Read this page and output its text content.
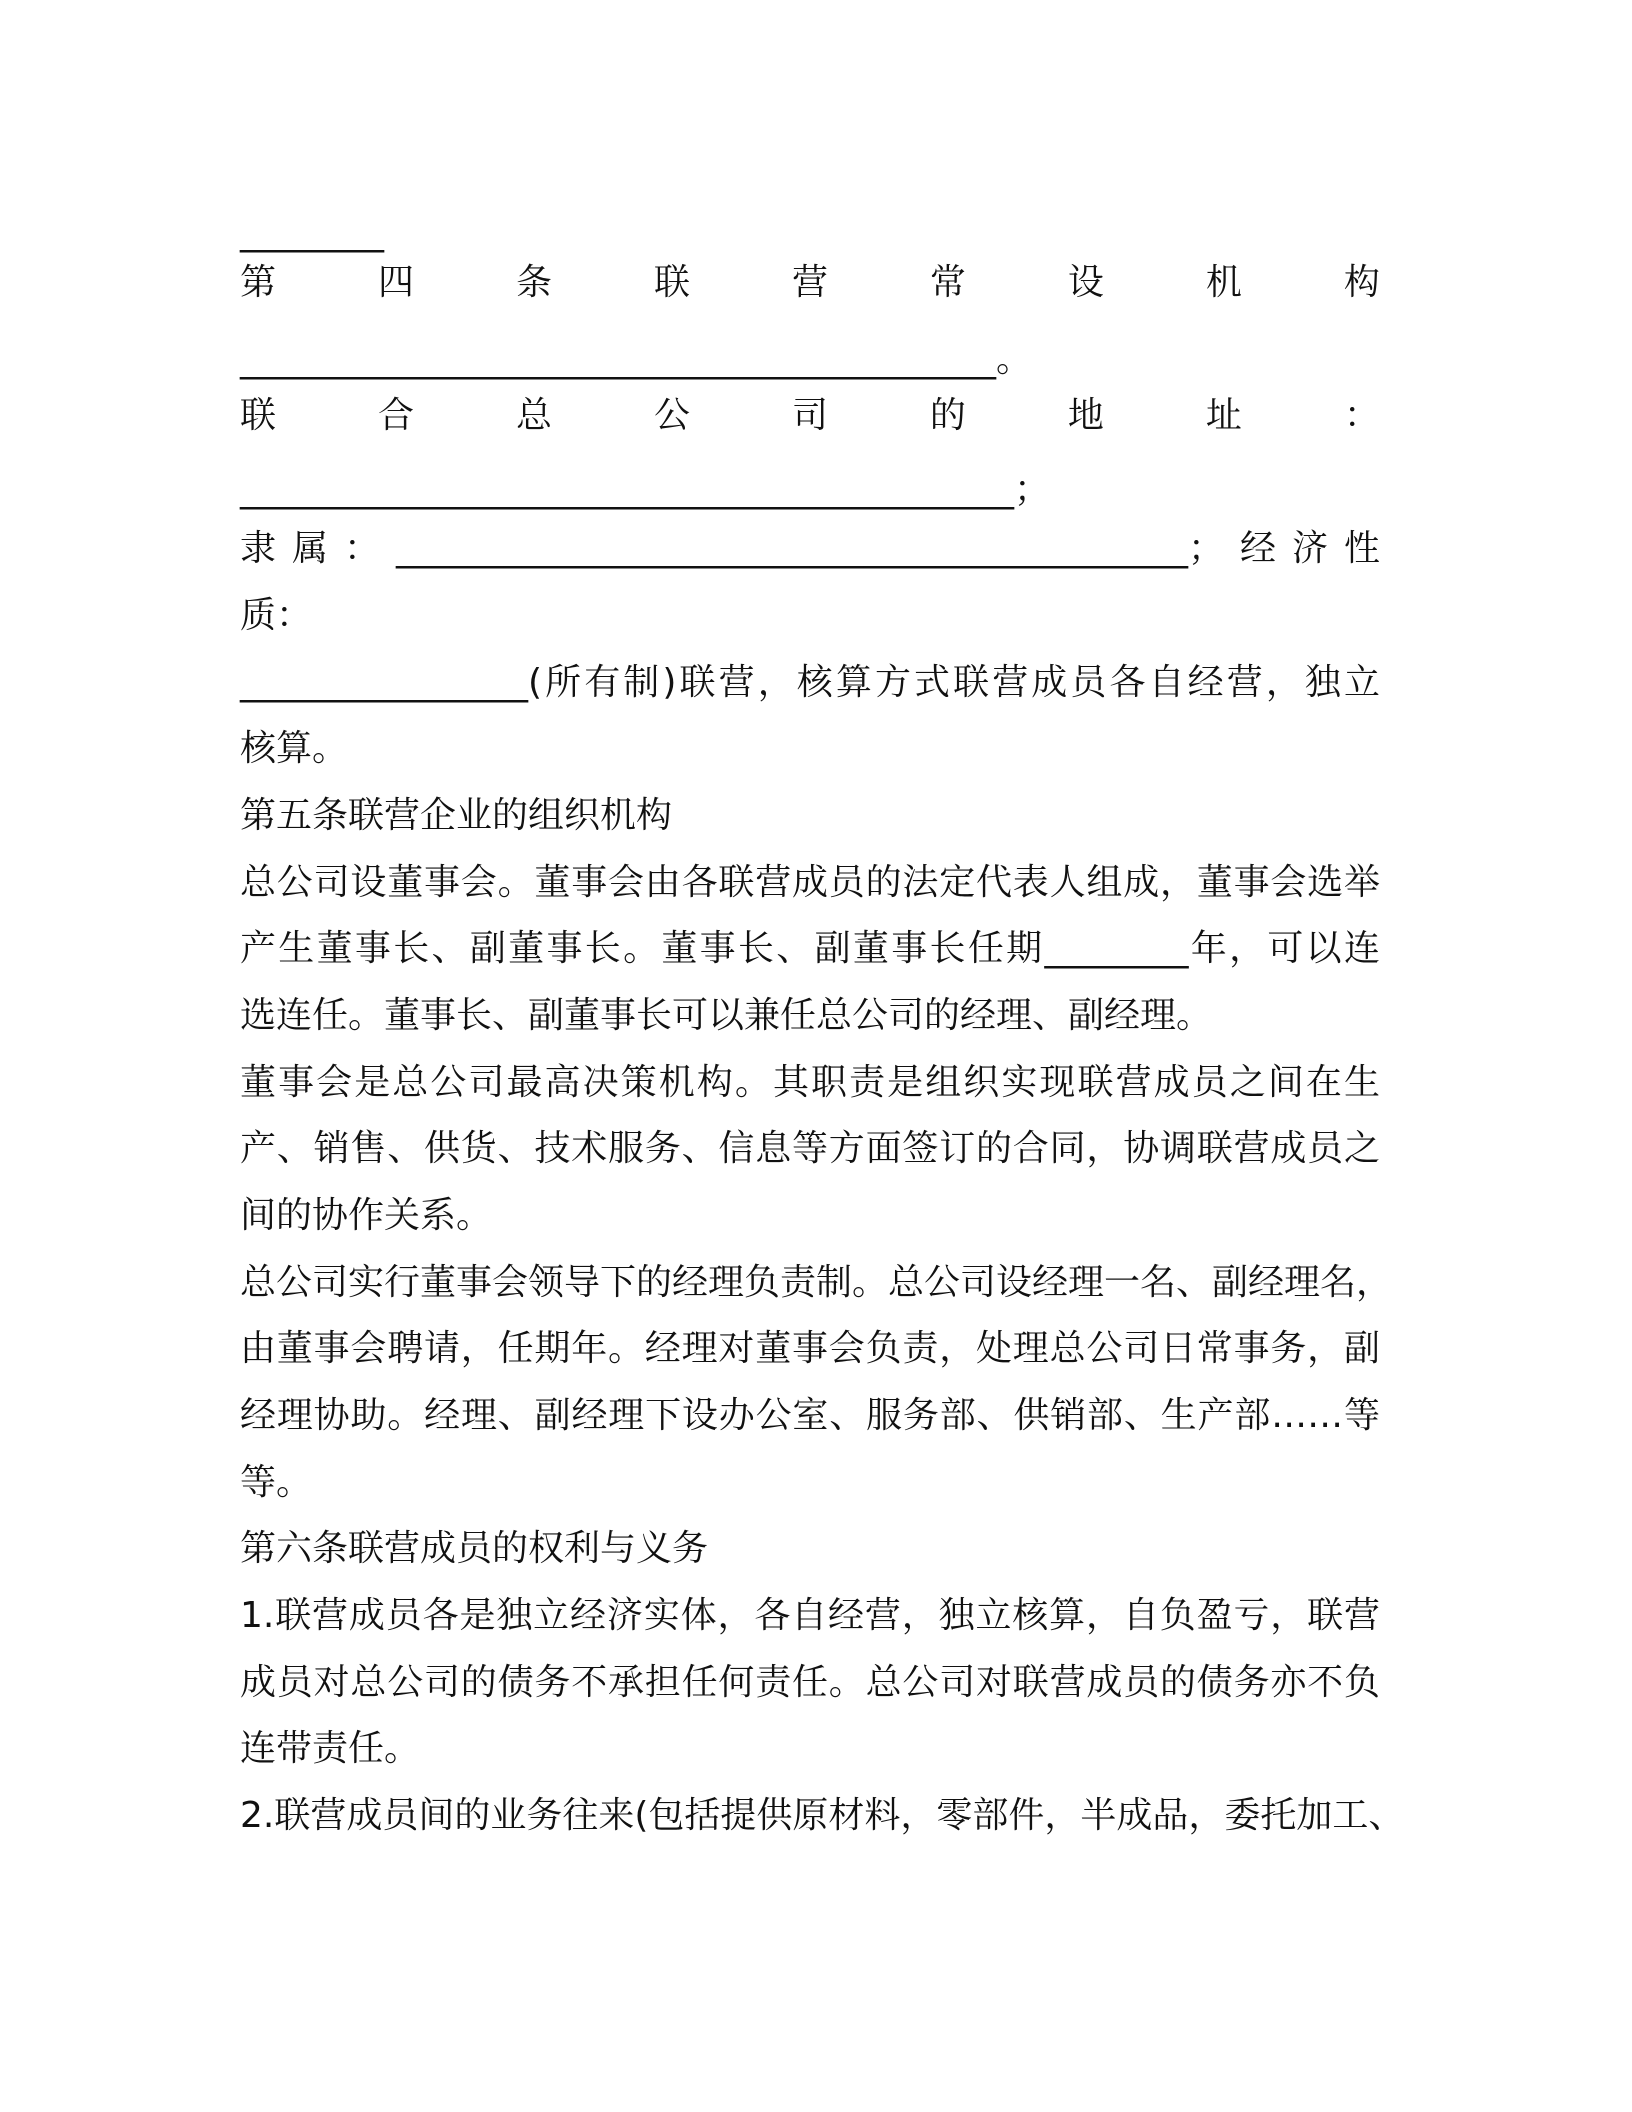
________
第	四	条	联	营	常	设	机	构
__________________________________________。
联	合	总	公	司	的	地	址	：
___________________________________________；
隶属：____________________________________________；经济性
质：
________________(所有制)联营，核算方式联营成员各自经营，独立
核算。
第五条联营企业的组织机构
总公司设董事会。董事会由各联营成员的法定代表人组成，董事会选举
产生董事长、副董事长。董事长、副董事长任期________年，可以连
选连任。董事长、副董事长可以兼任总公司的经理、副经理。
董事会是总公司最高决策机构。其职责是组织实现联营成员之间在生
产、销售、供货、技术服务、信息等方面签订的合同，协调联营成员之
间的协作关系。
总公司实行董事会领导下的经理负责制。总公司设经理一名、副经理名，
由董事会聘请，任期年。经理对董事会负责，处理总公司日常事务，副
经理协助。经理、副经理下设办公室、服务部、供销部、生产部……等
等。
第六条联营成员的权利与义务
1.联营成员各是独立经济实体，各自经营，独立核算，自负盈亏，联营
成员对总公司的债务不承担任何责任。总公司对联营成员的债务亦不负
连带责任。
2.联营成员间的业务往来(包括提供原材料，零部件，半成品，委托加工、
